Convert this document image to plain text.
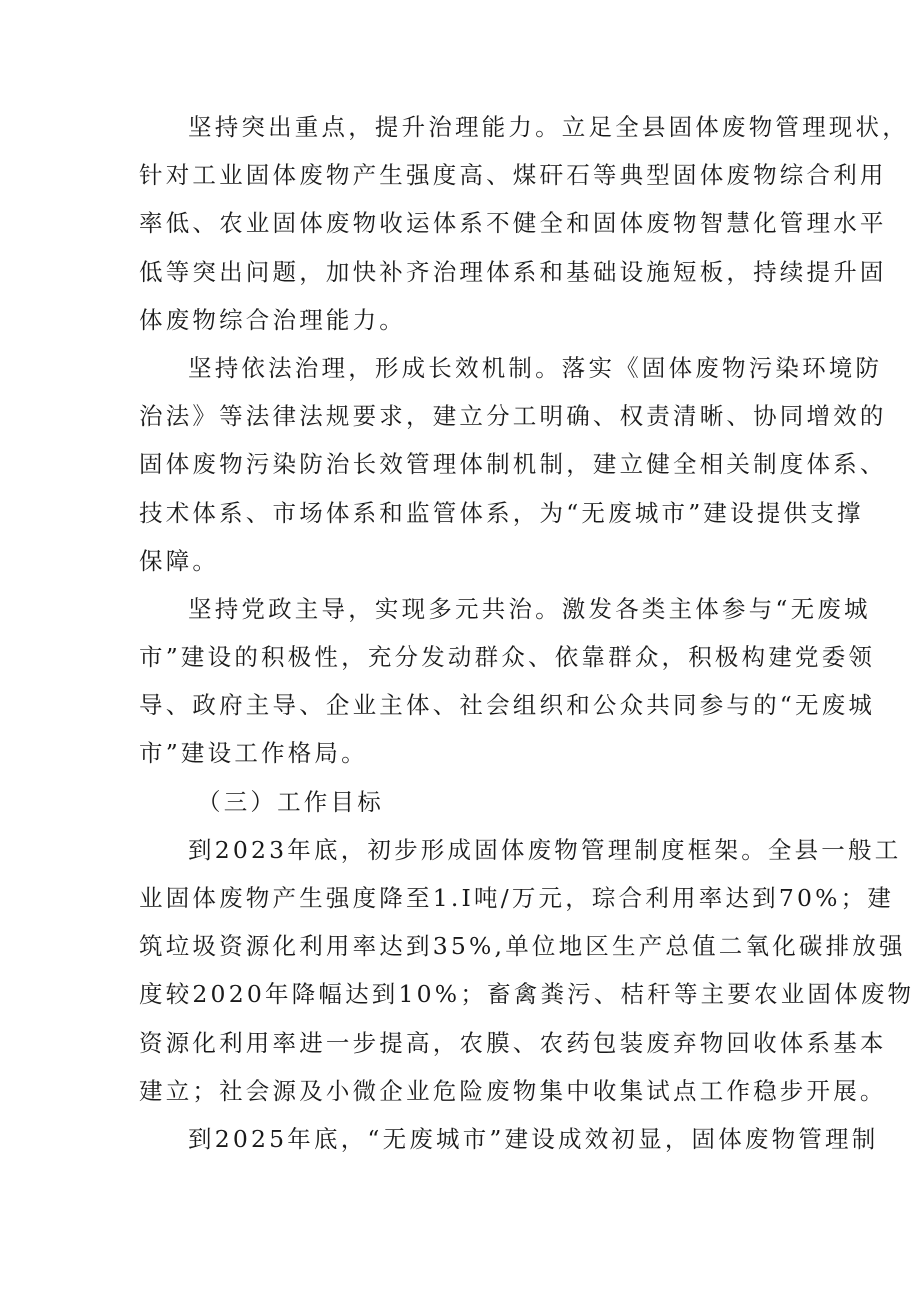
坚持突出重点，提升治理能力。立足全县固体废物管理现状，
针对工业固体废物产生强度高、煤矸石等典型固体废物综合利用
率低、农业固体废物收运体系不健全和固体废物智慧化管理水平
低等突出问题，加快补齐治理体系和基础设施短板，持续提升固
体废物综合治理能力。
坚持依法治理，形成长效机制。落实《固体废物污染环境防
治法》等法律法规要求，建立分工明确、权责清晰、协同增效的
固体废物污染防治长效管理体制机制，建立健全相关制度体系、
技术体系、市场体系和监管体系，为“无废城市”建设提供支撑
保障。
坚持党政主导，实现多元共治。激发各类主体参与“无废城
市”建设的积极性，充分发动群众、依靠群众，积极构建党委领
导、政府主导、企业主体、社会组织和公众共同参与的“无废城
市”建设工作格局。
（三）工作目标
到2023年底，初步形成固体废物管理制度框架。全县一般工
业固体废物产生强度降至1.I吨/万元，琮合利用率达到70%；建
筑垃圾资源化利用率达到35%,单位地区生产总值二氧化碳排放强
度较2020年降幅达到10%；畜禽粪污、桔秆等主要农业固体废物
资源化利用率进一步提高，农膜、农药包装废弃物回收体系基本
建立；社会源及小微企业危险废物集中收集试点工作稳步开展。
到2025年底，“无废城市”建设成效初显，固体废物管理制
